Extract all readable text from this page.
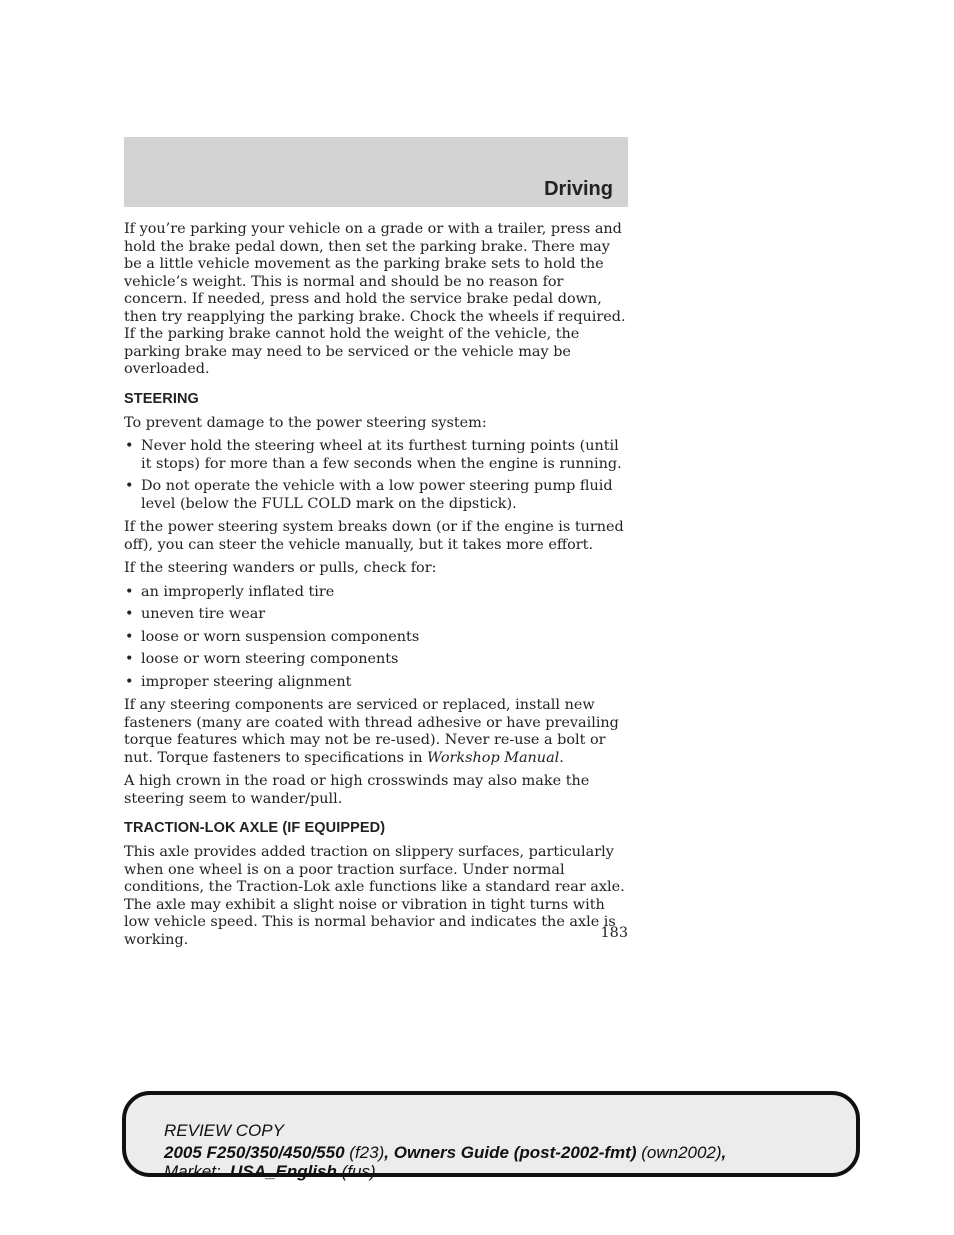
Driving

If you’re parking your vehicle on a grade or with a trailer, press and hold the brake pedal down, then set the parking brake. There may be a little vehicle movement as the parking brake sets to hold the vehicle’s weight. This is normal and should be no reason for concern. If needed, press and hold the service brake pedal down, then try reapplying the parking brake. Chock the wheels if required. If the parking brake cannot hold the weight of the vehicle, the parking brake may need to be serviced or the vehicle may be overloaded.

STEERING

To prevent damage to the power steering system:

• Never hold the steering wheel at its furthest turning points (until it stops) for more than a few seconds when the engine is running.
• Do not operate the vehicle with a low power steering pump fluid level (below the FULL COLD mark on the dipstick).

If the power steering system breaks down (or if the engine is turned off), you can steer the vehicle manually, but it takes more effort.

If the steering wanders or pulls, check for:

• an improperly inflated tire
• uneven tire wear
• loose or worn suspension components
• loose or worn steering components
• improper steering alignment

If any steering components are serviced or replaced, install new fasteners (many are coated with thread adhesive or have prevailing torque features which may not be re-used). Never re-use a bolt or nut. Torque fasteners to specifications in Workshop Manual.

A high crown in the road or high crosswinds may also make the steering seem to wander/pull.

TRACTION-LOK AXLE (IF EQUIPPED)

This axle provides added traction on slippery surfaces, particularly when one wheel is on a poor traction surface. Under normal conditions, the Traction-Lok axle functions like a standard rear axle. The axle may exhibit a slight noise or vibration in tight turns with low vehicle speed. This is normal behavior and indicates the axle is working.	183
REVIEW COPY
2005 F250/350/450/550 (f23), Owners Guide (post-2002-fmt) (own2002),
Market: USA_English (fus)
